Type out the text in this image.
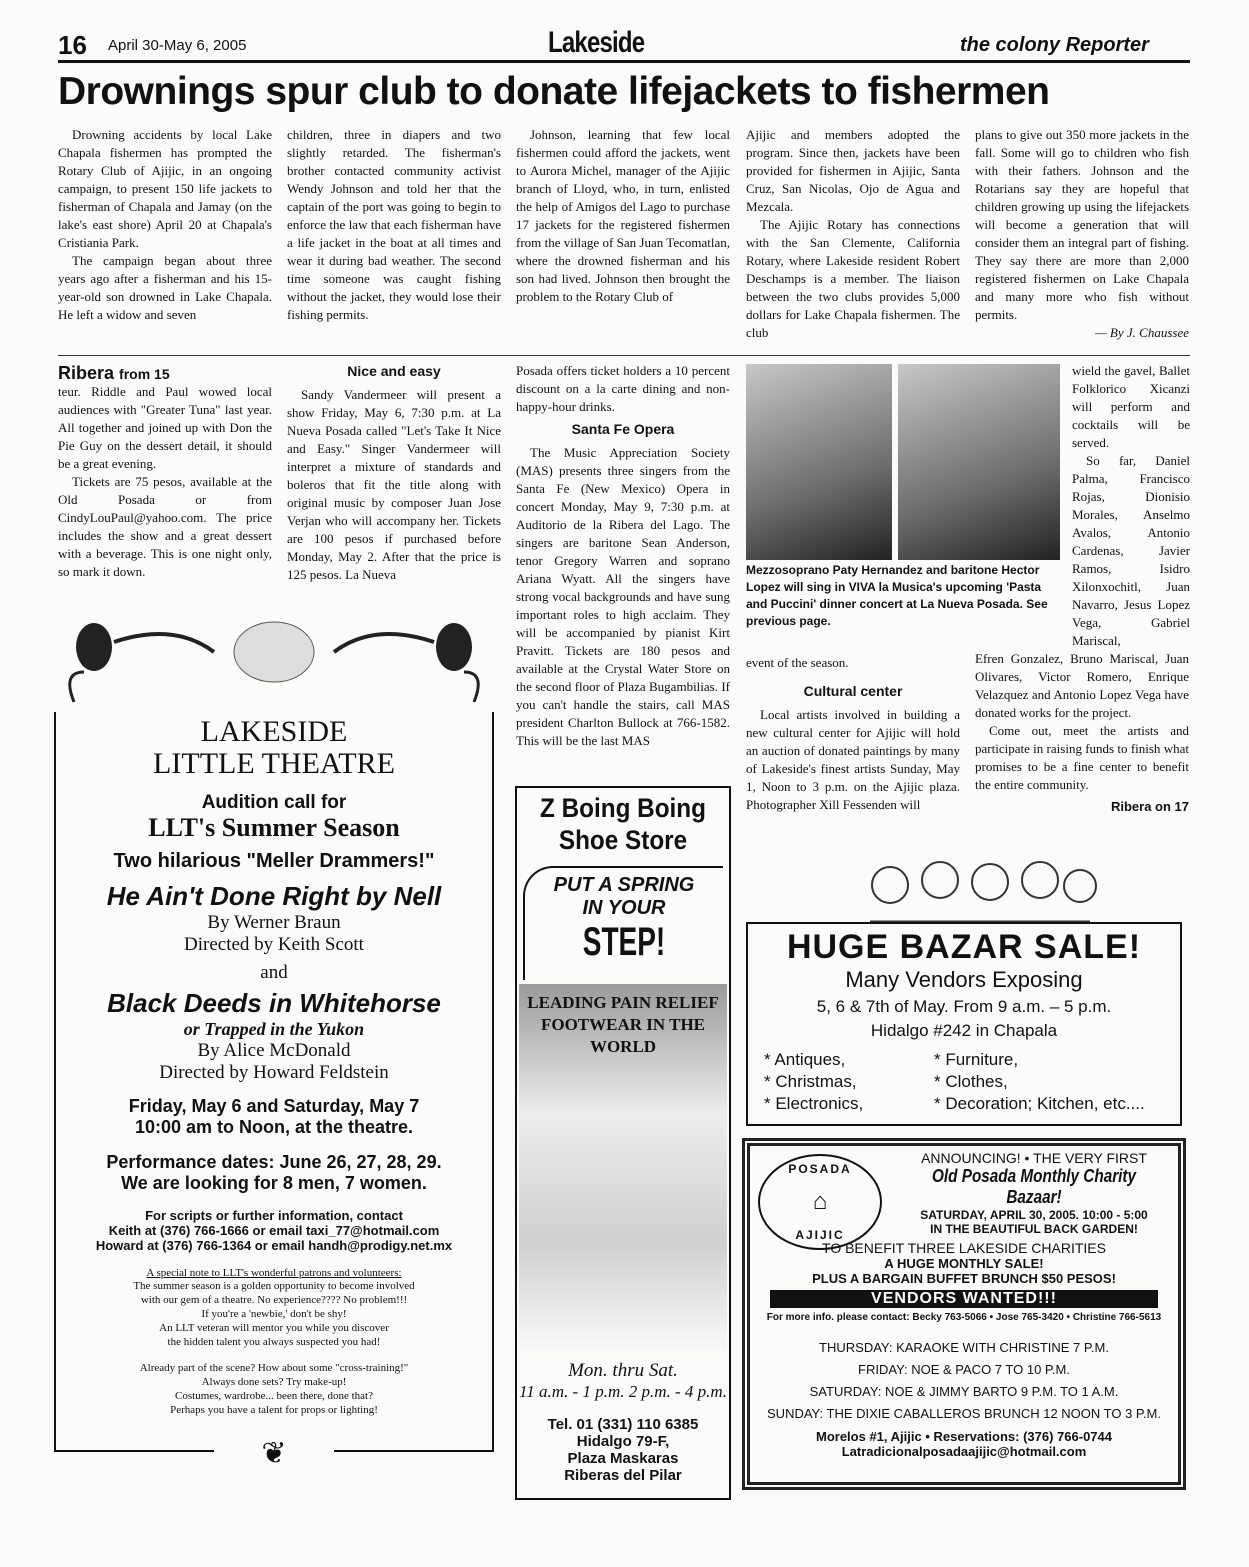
16 April 30-May 6, 2005	Lakeside	the colony Reporter
Drownings spur club to donate lifejackets to fishermen

Drowning accidents by local Lake Chapala fishermen has prompted the Rotary Club of Ajijic, in an ongoing campaign, to present 150 life jackets to fisherman of Chapala and Jamay (on the lake's east shore) April 20 at Chapala's Cristiania Park.

The campaign began about three years ago after a fisherman and his 15-year-old son drowned in Lake Chapala. He left a widow and seven

children, three in diapers and two slightly retarded. The fisherman's brother contacted community activist Wendy Johnson and told her that the captain of the port was going to begin to enforce the law that each fisherman have a life jacket in the boat at all times and wear it during bad weather. The second time someone was caught fishing without the jacket, they would lose their fishing permits.

Johnson, learning that few local fishermen could afford the jackets, went to Aurora Michel, manager of the Ajijic branch of Lloyd, who, in turn, enlisted the help of Amigos del Lago to purchase 17 jackets for the registered fishermen from the village of San Juan Tecomatlan, where the drowned fisherman and his son had lived. Johnson then brought the problem to the Rotary Club of

Ajijic and members adopted the program. Since then, jackets have been provided for fishermen in Ajijic, Santa Cruz, San Nicolas, Ojo de Agua and Mezcala.

The Ajijic Rotary has connections with the San Clemente, California Rotary, where Lakeside resident Robert Deschamps is a member. The liaison between the two clubs provides 5,000 dollars for Lake Chapala fishermen. The club

plans to give out 350 more jackets in the fall. Some will go to children who fish with their fathers. Johnson and the Rotarians say they are hopeful that children growing up using the lifejackets will become a generation that will consider them an integral part of fishing. They say there are more than 2,000 registered fishermen on Lake Chapala and many more who fish without permits.

— By J. Chaussee
Ribera from 15

teur. Riddle and Paul wowed local audiences with "Greater Tuna" last year. All together and joined up with Don the Pie Guy on the dessert detail, it should be a great evening.

Tickets are 75 pesos, available at the Old Posada or from CindyLouPaul@yahoo.com. The price includes the show and a great dessert with a beverage. This is one night only, so mark it down.

Nice and easy

Sandy Vandermeer will present a show Friday, May 6, 7:30 p.m. at La Nueva Posada called "Let's Take It Nice and Easy." Singer Vandermeer will interpret a mixture of standards and boleros that fit the title along with original music by composer Juan Jose Verjan who will accompany her. Tickets are 100 pesos if purchased before Monday, May 2. After that the price is 125 pesos. La Nueva

Posada offers ticket holders a 10 percent discount on a la carte dining and non-happy-hour drinks.

Santa Fe Opera

The Music Appreciation Society (MAS) presents three singers from the Santa Fe (New Mexico) Opera in concert Monday, May 9, 7:30 p.m. at Auditorio de la Ribera del Lago. The singers are baritone Sean Anderson, tenor Gregory Warren and soprano Ariana Wyatt. All the singers have strong vocal backgrounds and have sung important roles to high acclaim. They will be accompanied by pianist Kirt Pravitt. Tickets are 180 pesos and available at the Crystal Water Store on the second floor of Plaza Bugambilias. If you can't handle the stairs, call MAS president Charlton Bullock at 766-1582. This will be the last MAS

Mezzosoprano Paty Hernandez and baritone Hector Lopez will sing in VIVA la Musica's upcoming 'Pasta and Puccini' dinner concert at La Nueva Posada. See previous page.

wield the gavel, Ballet Folklorico Xicanzi will perform and cocktails will be served.

So far, Daniel Palma, Francisco Rojas, Dionisio Morales, Anselmo Avalos, Antonio Cardenas, Javier Ramos, Isidro Xilonxochitl, Juan Navarro, Jesus Lopez Vega, Gabriel Mariscal,

event of the season.

Cultural center

Local artists involved in building a new cultural center for Ajijic will hold an auction of donated paintings by many of Lakeside's finest artists Sunday, May 1, Noon to 3 p.m. on the Ajijic plaza. Photographer Xill Fessenden will

Efren Gonzalez, Bruno Mariscal, Juan Olivares, Victor Romero, Enrique Velazquez and Antonio Lopez Vega have donated works for the project.

Come out, meet the artists and participate in raising funds to finish what promises to be a fine center to benefit the entire community.

Ribera on 17
LAKESIDE
LITTLE THEATRE
Audition call for
LLT's Summer Season
Two hilarious "Meller Drammers!"
He Ain't Done Right by Nell
By Werner Braun
Directed by Keith Scott
and
Black Deeds in Whitehorse
or Trapped in the Yukon
By Alice McDonald
Directed by Howard Feldstein
Friday, May 6 and Saturday, May 7
10:00 am to Noon, at the theatre.
Performance dates: June 26, 27, 28, 29.
We are looking for 8 men, 7 women.
For scripts or further information, contact
Keith at (376) 766-1666 or email taxi_77@hotmail.com
Howard at (376) 766-1364 or email handh@prodigy.net.mx
A special note to LLT's wonderful patrons and volunteers:
The summer season is a golden opportunity to become involved
with our gem of a theatre. No experience???? No problem!!!
If you're a 'newbie,' don't be shy!
An LLT veteran will mentor you while you discover
the hidden talent you always suspected you had!
Already part of the scene? How about some "cross-training!"
Always done sets? Try make-up!
Costumes, wardrobe... been there, done that?
Perhaps you have a talent for props or lighting!
❦
Z Boing Boing
Shoe Store
PUT A SPRING
IN YOUR
STEP!
LEADING PAIN RELIEF FOOTWEAR IN THE WORLD
Mon. thru Sat.
11 a.m. - 1 p.m. 2 p.m. - 4 p.m.
Tel. 01 (331) 110 6385
Hidalgo 79-F,
Plaza Maskaras
Riberas del Pilar
HUGE BAZAR SALE!
Many Vendors Exposing
5, 6 & 7th of May. From 9 a.m. – 5 p.m.
Hidalgo #242 in Chapala
* Antiques,
* Christmas,
* Electronics,
* Furniture,
* Clothes,
* Decoration; Kitchen, etc....
POSADA
⌂
AJIJIC
ANNOUNCING! • THE VERY FIRST
Old Posada Monthly Charity Bazaar!
SATURDAY, APRIL 30, 2005. 10:00 - 5:00
IN THE BEAUTIFUL BACK GARDEN!
TO BENEFIT THREE LAKESIDE CHARITIES
A HUGE MONTHLY SALE!
PLUS A BARGAIN BUFFET BRUNCH $50 PESOS!
VENDORS WANTED!!!
For more info. please contact: Becky 763-5066 • Jose 765-3420 • Christine 766-5613
THURSDAY: KARAOKE WITH CHRISTINE 7 P.M.
FRIDAY: NOE & PACO 7 TO 10 P.M.
SATURDAY: NOE & JIMMY BARTO 9 P.M. TO 1 A.M.
SUNDAY: THE DIXIE CABALLEROS BRUNCH 12 NOON TO 3 P.M.
Morelos #1, Ajijic • Reservations: (376) 766-0744
Latradicionalposadaajijic@hotmail.com
